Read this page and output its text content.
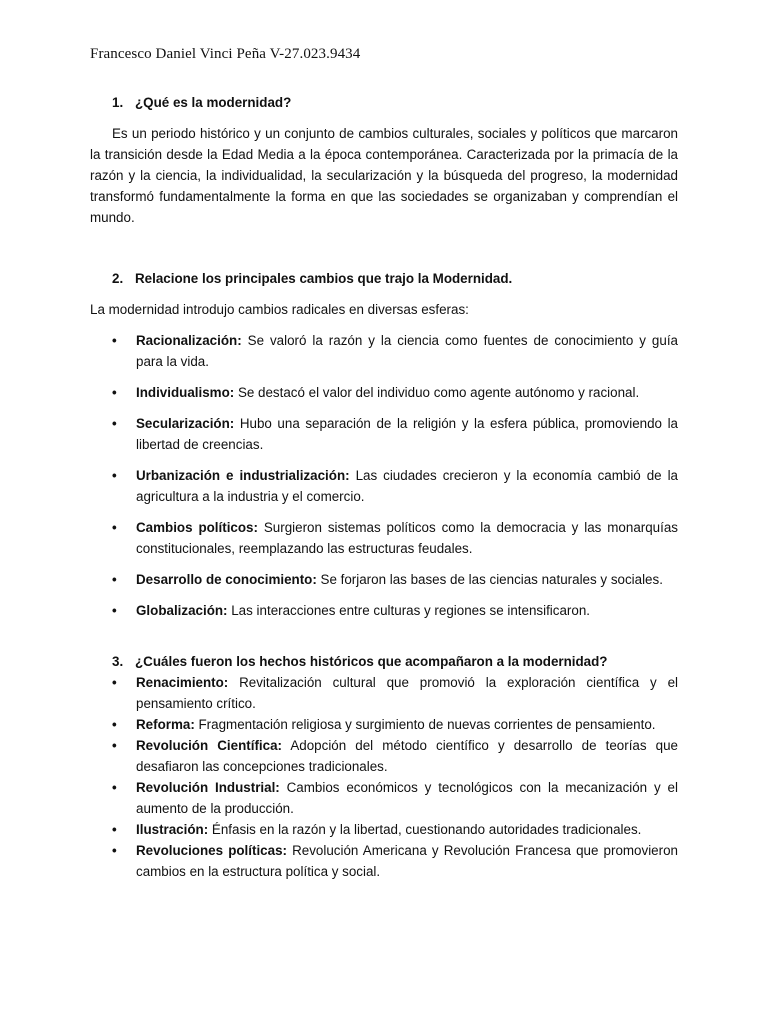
Francesco Daniel Vinci Peña V-27.023.9434

1. ¿Qué es la modernidad?

Es un periodo histórico y un conjunto de cambios culturales, sociales y políticos que marcaron la transición desde la Edad Media a la época contemporánea. Caracterizada por la primacía de la razón y la ciencia, la individualidad, la secularización y la búsqueda del progreso, la modernidad transformó fundamentalmente la forma en que las sociedades se organizaban y comprendían el mundo.

2. Relacione los principales cambios que trajo la Modernidad.

La modernidad introdujo cambios radicales en diversas esferas:

• Racionalización: Se valoró la razón y la ciencia como fuentes de conocimiento y guía para la vida.
• Individualismo: Se destacó el valor del individuo como agente autónomo y racional.
• Secularización: Hubo una separación de la religión y la esfera pública, promoviendo la libertad de creencias.
• Urbanización e industrialización: Las ciudades crecieron y la economía cambió de la agricultura a la industria y el comercio.
• Cambios políticos: Surgieron sistemas políticos como la democracia y las monarquías constitucionales, reemplazando las estructuras feudales.
• Desarrollo de conocimiento: Se forjaron las bases de las ciencias naturales y sociales.
• Globalización: Las interacciones entre culturas y regiones se intensificaron.

3. ¿Cuáles fueron los hechos históricos que acompañaron a la modernidad?

• Renacimiento: Revitalización cultural que promovió la exploración científica y el pensamiento crítico.
• Reforma: Fragmentación religiosa y surgimiento de nuevas corrientes de pensamiento.
• Revolución Científica: Adopción del método científico y desarrollo de teorías que desafiaron las concepciones tradicionales.
• Revolución Industrial: Cambios económicos y tecnológicos con la mecanización y el aumento de la producción.
• Ilustración: Énfasis en la razón y la libertad, cuestionando autoridades tradicionales.
• Revoluciones políticas: Revolución Americana y Revolución Francesa que promovieron cambios en la estructura política y social.
